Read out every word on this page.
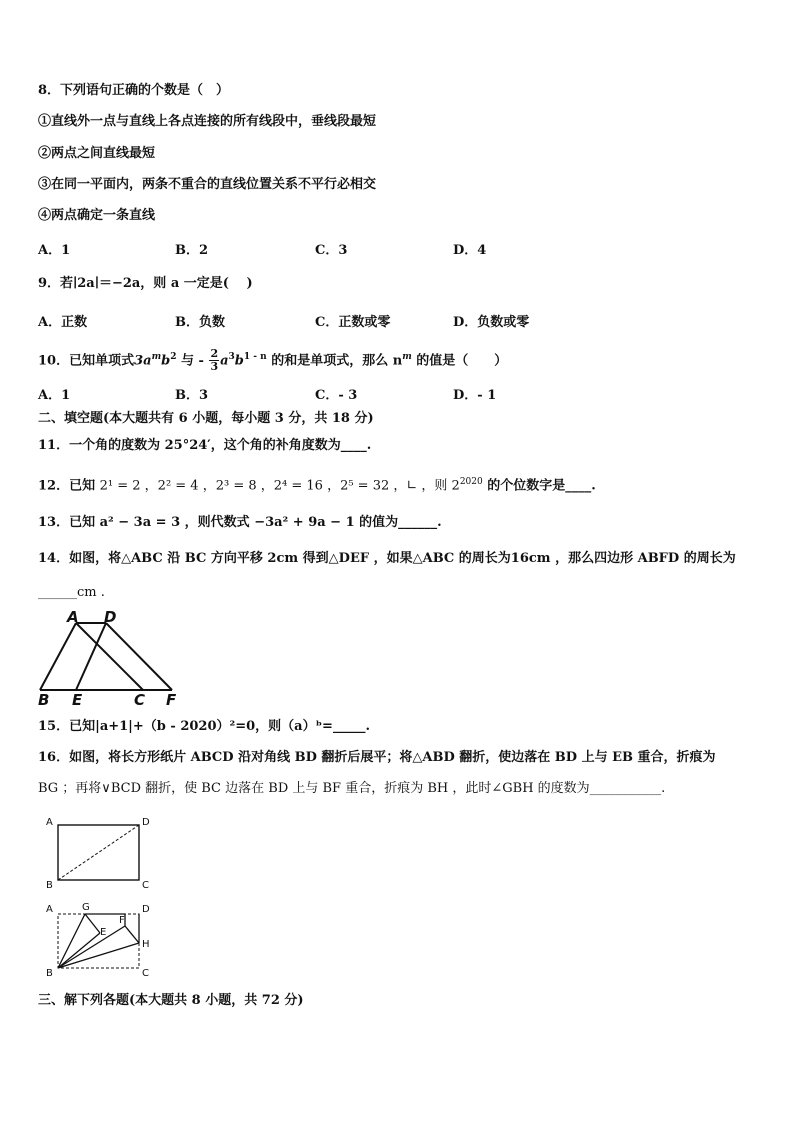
8．下列语句正确的个数是（　）
①直线外一点与直线上各点连接的所有线段中，垂线段最短
②两点之间直线最短
③在同一平面内，两条不重合的直线位置关系不平行必相交
④两点确定一条直线
A．1	B．2	C．3	D．4
9．若∣2a∣＝−2a，则 a 一定是(　 )
A．正数	B．负数	C．正数或零	D．负数或零
10．已知单项式$3a^mb^2$ 与 - $\frac{2}{3} a^3b^{1 - n}$ 的和是单项式，那么 $n^m$ 的值是（　　）
A．1	B．3	C．- 3	D．- 1
二、填空题(本大题共有 6 小题，每小题 3 分，共 18 分)
11．一个角的度数为 25°24′，这个角的补角度数为____.
12．已知 2¹ = 2 ，2² = 4 ，2³ = 8 ，2⁴ = 16 ，2⁵ = 32 ，∟ ，则 $2^{2020}$ 的个位数字是____.
13．已知 a² − 3a = 3 ，则代数式 −3a² + 9a − 1 的值为______.
14．如图，将△ABC 沿 BC 方向平移 2cm 得到△DEF ，如果△ABC 的周长为16cm ，那么四边形 ABFD 的周长为
______cm .
A D
B E	C F
15．已知|a+1|+（b - 2020）²=0，则（a）ᵇ=_____.
16．如图，将长方形纸片 ABCD 沿对角线 BD 翻折后展平；将△ABD 翻折，使边落在 BD 上与 EB 重合，折痕为
BG ；再将∨BCD 翻折，使 BC 边落在 BD 上与 BF 重合，折痕为 BH ，此时∠GBH 的度数为___________.
A	D
B	C
A	G
F
D
E
H
B	C
三、解下列各题(本大题共 8 小题，共 72 分)
